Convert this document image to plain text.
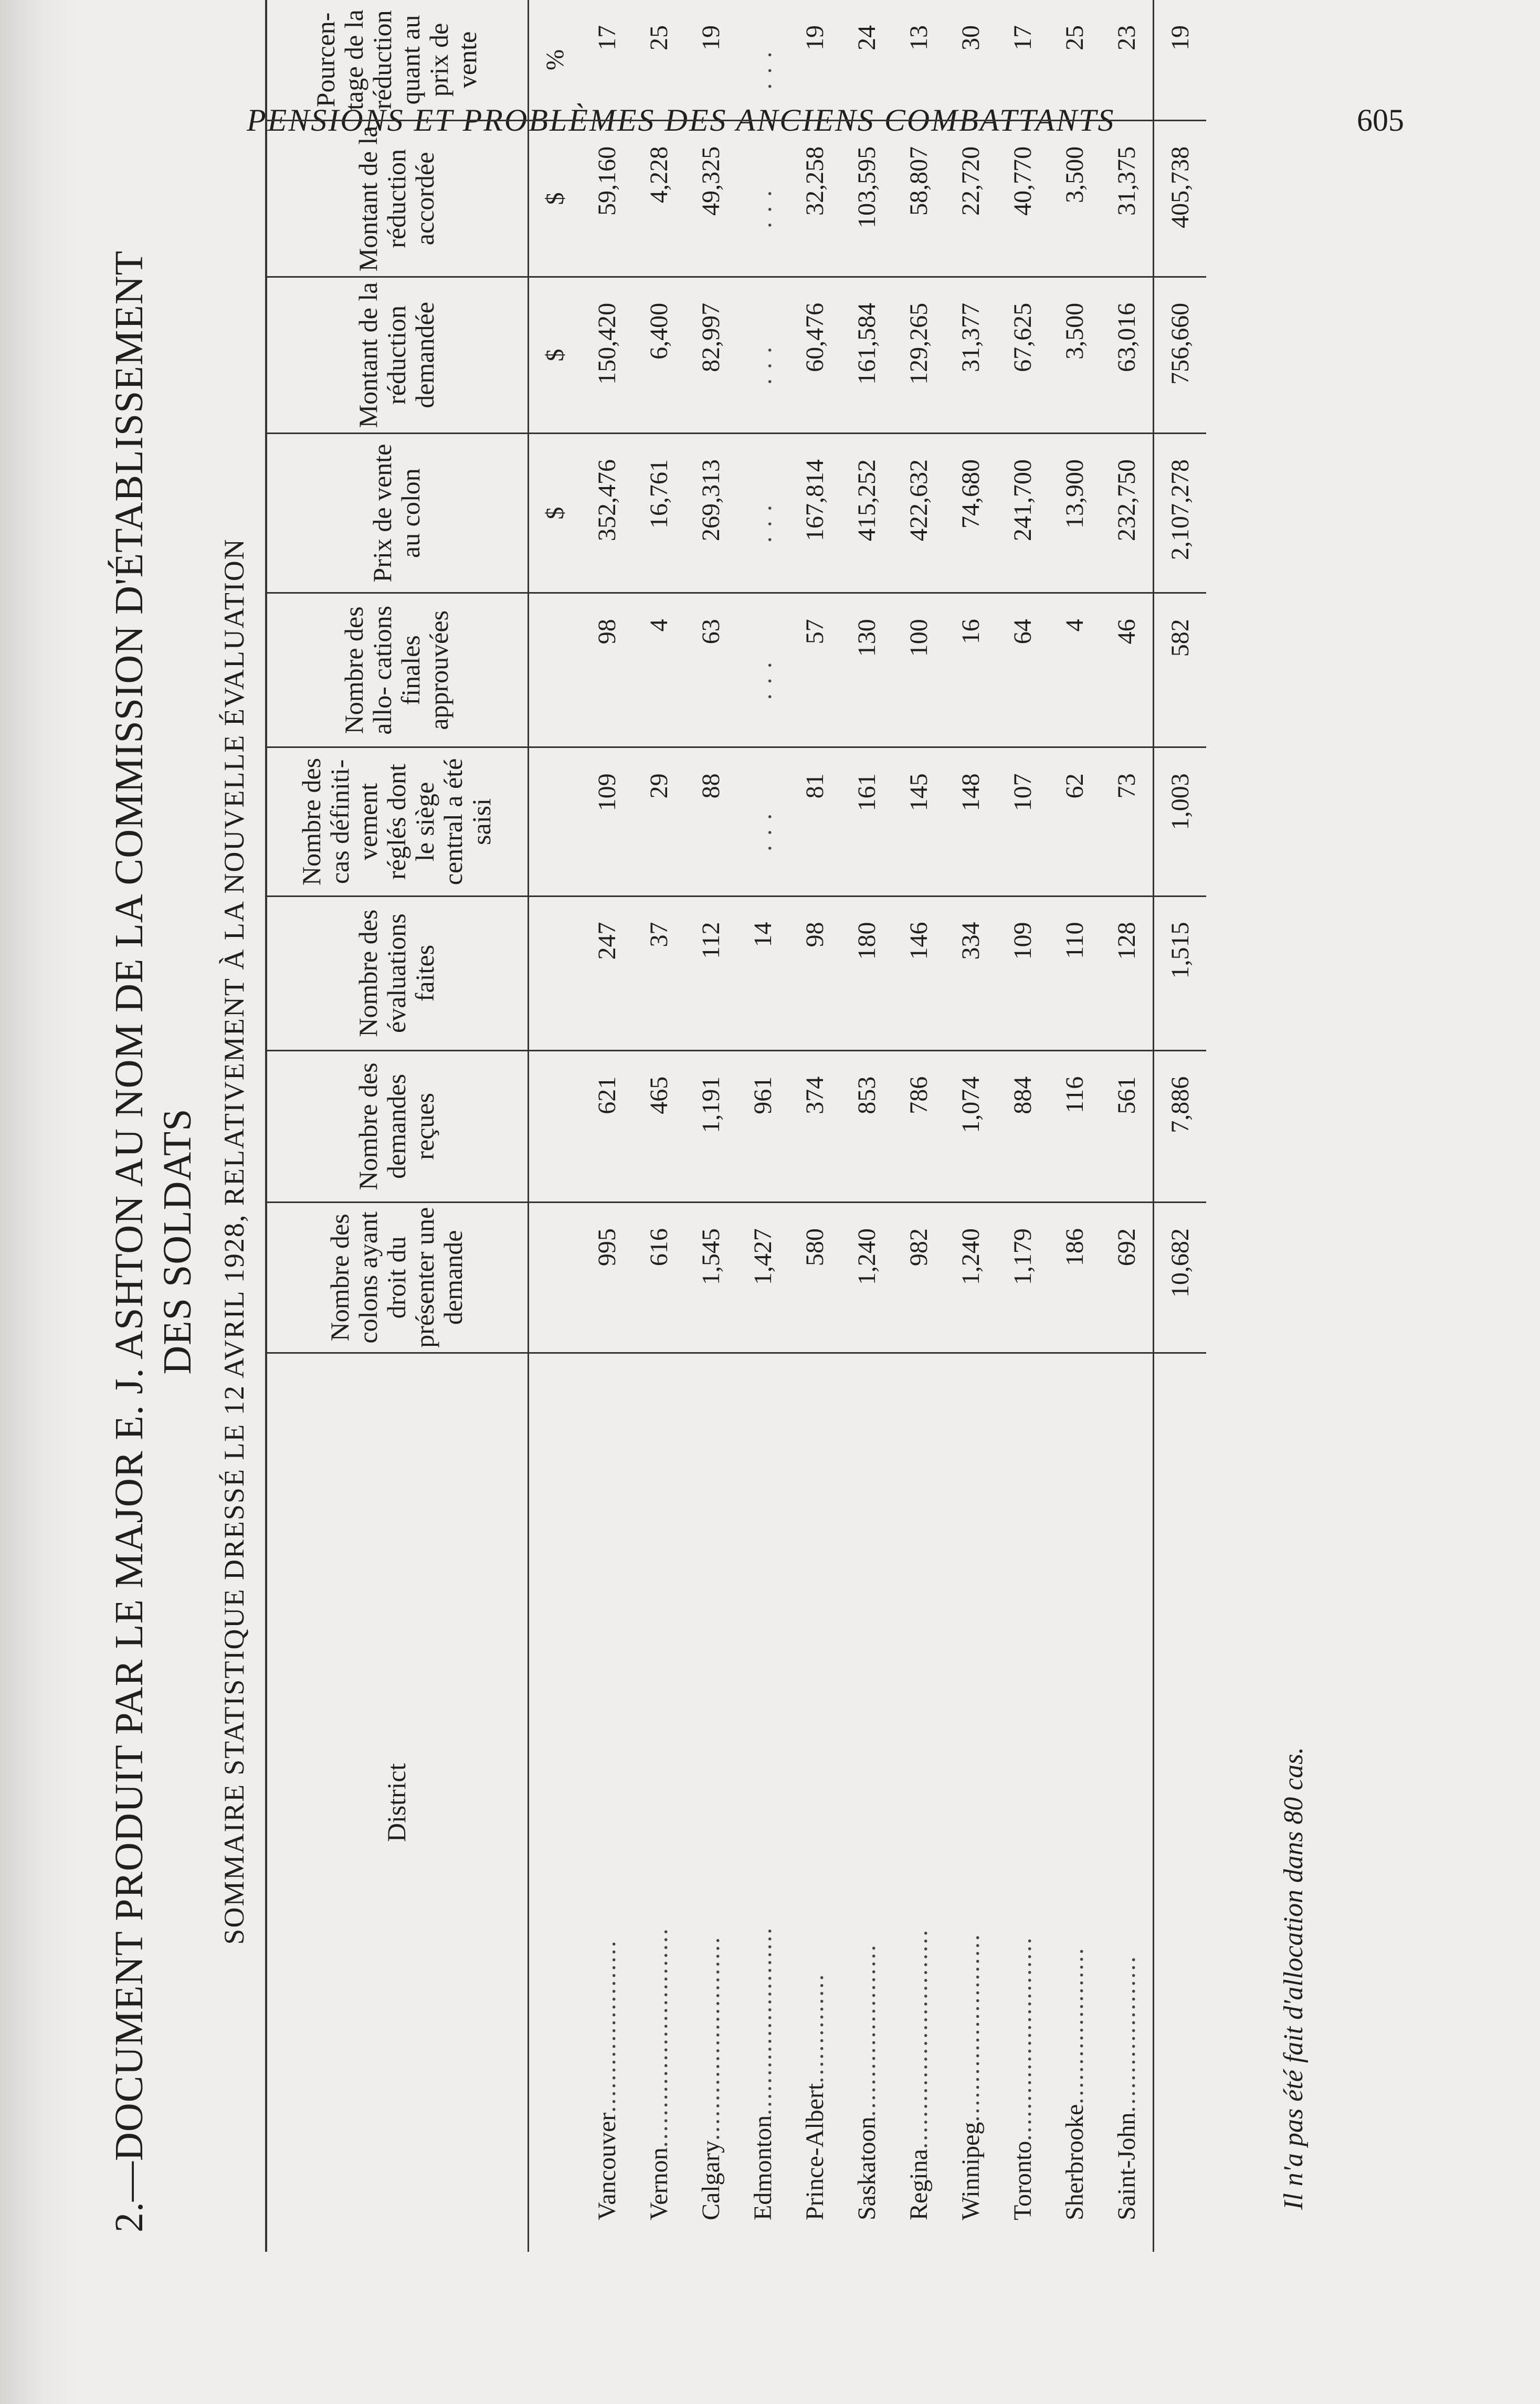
PENSIONS ET PROBLÈMES DES ANCIENS COMBATTANTS	605
2.—DOCUMENT PRODUIT PAR LE MAJOR E. J. ASHTON AU NOM DE LA COMMISSION D'ÉTABLISSEMENT DES SOLDATS SOMMAIRE STATISTIQUE DRESSÉ LE 12 AVRIL 1928, RELATIVEMENT À LA NOUVELLE ÉVALUATION	District	Nombre des colons ayant droit du présenter une demande	Nombre des demandes reçues	Nombre des évaluations faites	Nombre des cas définiti- vement réglés dont le siège central a été saisi	Nombre des allo- cations finales approuvées	Prix de vente au colon	Montant de la réduction demandée	Montant de la réduction accordée	Pourcen- tage de la réduction quant au prix de vente
						$	$	$	%
Vancouver......................	995	621	247	109	98	352,476	150,420	59,160	17
Vernon............................	616	465	37	29	4	16,761	6,400	4,228	25
Calgary..........................	1,545	1,191	112	88	63	269,313	82,997	49,325	19
Edmonton........................	1,427	961	14	. . .	. . .	. . .	. . .	. . .	. . .
Prince-Albert..............	580	374	98	81	57	167,814	60,476	32,258	19
Saskatoon......................	1,240	853	180	161	130	415,252	161,584	103,595	24
Regina............................	982	786	146	145	100	422,632	129,265	58,807	13
Winnipeg........................	1,240	1,074	334	148	16	74,680	31,377	22,720	30
Toronto..........................	1,179	884	109	107	64	241,700	67,625	40,770	17
Sherbrooke....................	186	116	110	62	4	13,900	3,500	3,500	25
Saint-John....................	692	561	128	73	46	232,750	63,016	31,375	23
	10,682	7,886	1,515	1,003	582	2,107,278	756,660	405,738	19
Il n'a pas été fait d'allocation dans 80 cas.
